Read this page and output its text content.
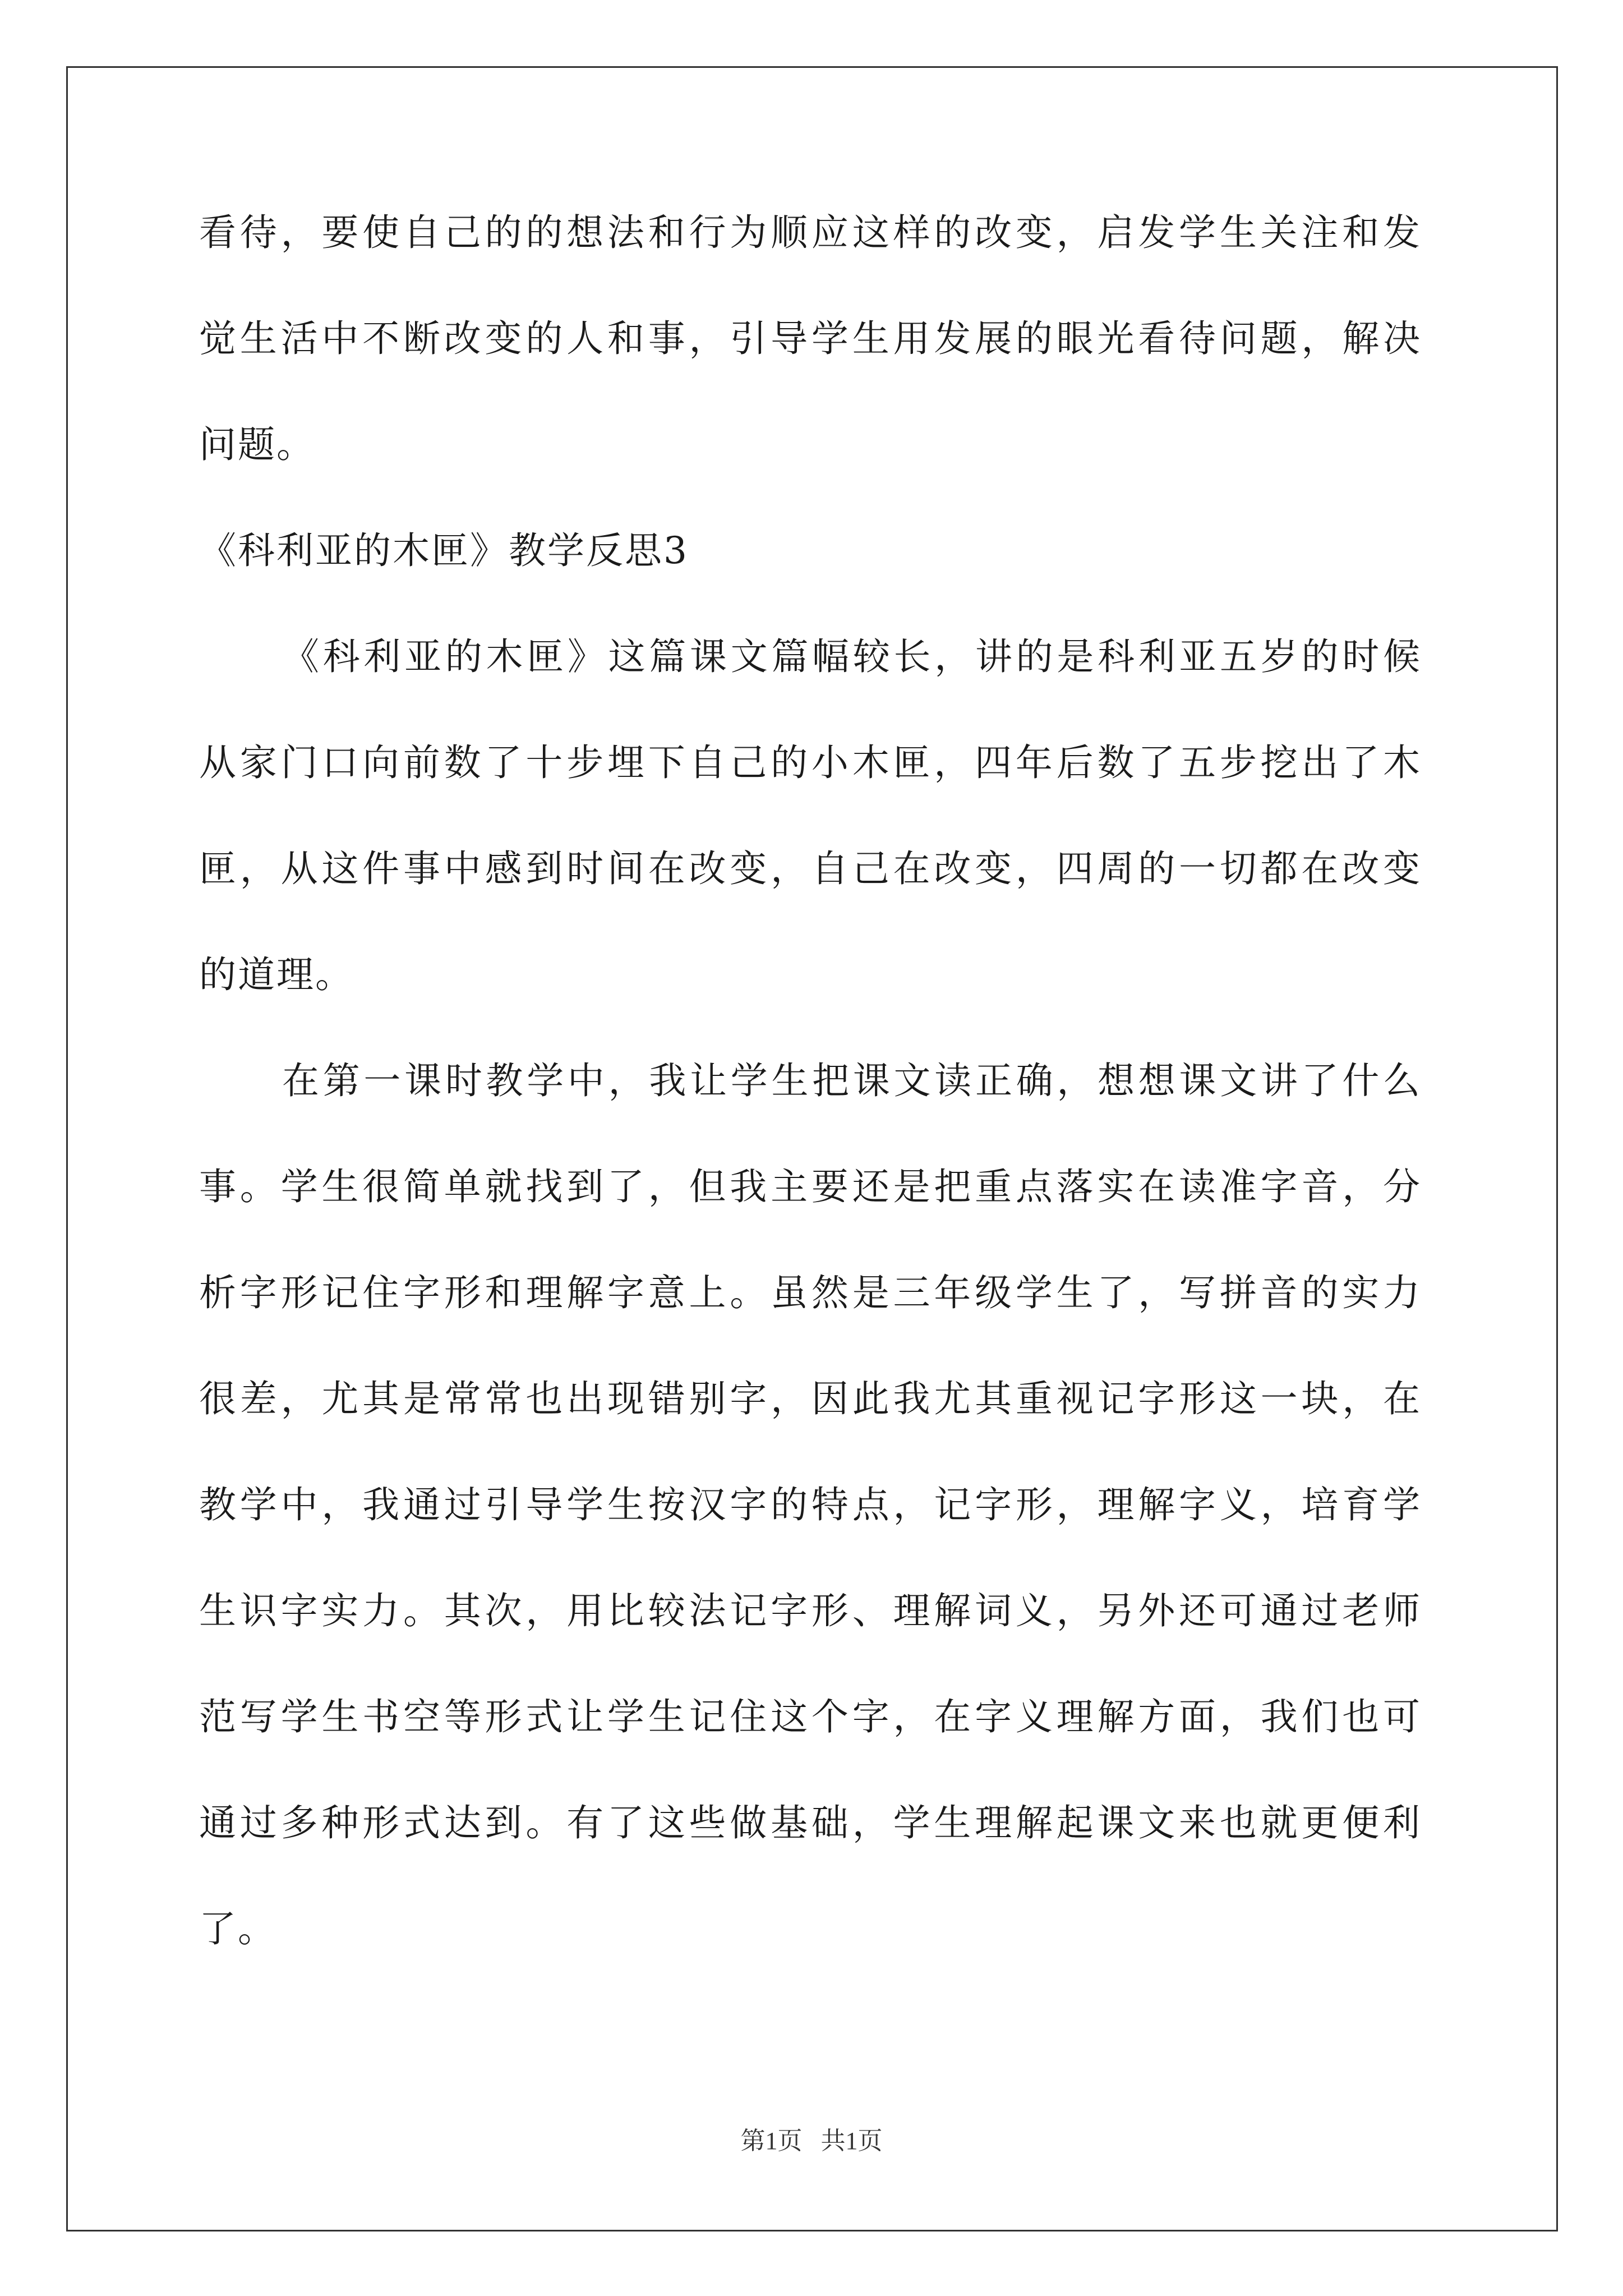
看待，要使自己的的想法和行为顺应这样的改变，启发学生关注和发
觉生活中不断改变的人和事，引导学生用发展的眼光看待问题，解决
问题。
《科利亚的木匣》教学反思3
《科利亚的木匣》这篇课文篇幅较长，讲的是科利亚五岁的时候
从家门口向前数了十步埋下自己的小木匣，四年后数了五步挖出了木
匣，从这件事中感到时间在改变，自己在改变，四周的一切都在改变
的道理。
在第一课时教学中，我让学生把课文读正确，想想课文讲了什么
事。学生很简单就找到了，但我主要还是把重点落实在读准字音，分
析字形记住字形和理解字意上。虽然是三年级学生了，写拼音的实力
很差，尤其是常常也出现错别字，因此我尤其重视记字形这一块，在
教学中，我通过引导学生按汉字的特点，记字形，理解字义，培育学
生识字实力。其次，用比较法记字形、理解词义，另外还可通过老师
范写学生书空等形式让学生记住这个字，在字义理解方面，我们也可
通过多种形式达到。有了这些做基础，学生理解起课文来也就更便利
了。
第1页   共1页
